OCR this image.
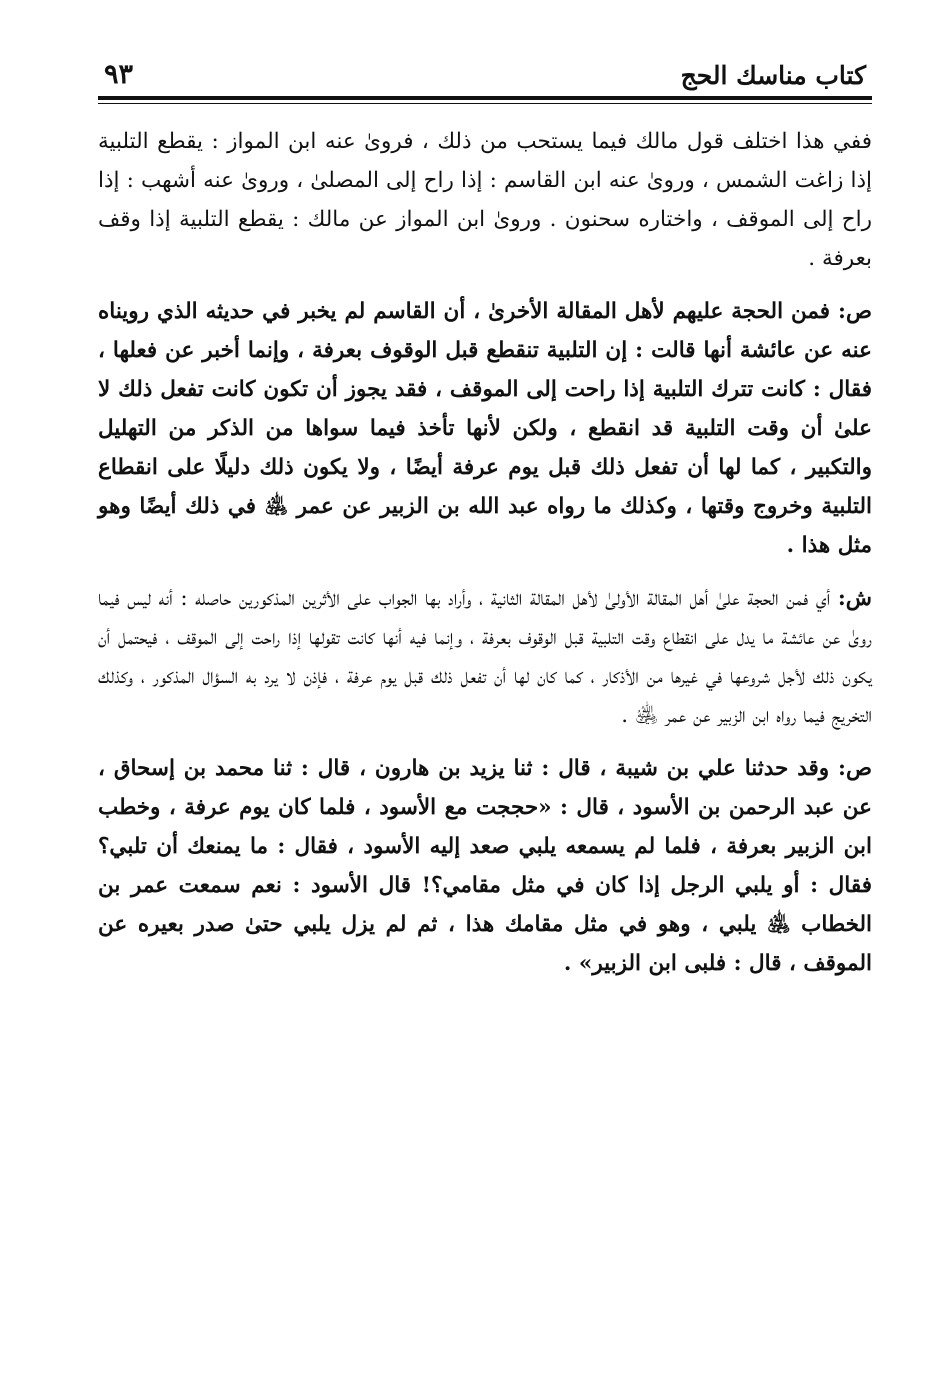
كتاب مناسك الحج
٩٣

ففي هذا اختلف قول مالك فيما يستحب من ذلك ، فروىٰ عنه ابن المواز : يقطع التلبية إذا زاغت الشمس ، وروىٰ عنه ابن القاسم : إذا راح إلى المصلىٰ ، وروىٰ عنه أشهب : إذا راح إلى الموقف ، واختاره سحنون . وروىٰ ابن المواز عن مالك : يقطع التلبية إذا وقف بعرفة .

ص: فمن الحجة عليهم لأهل المقالة الأخرىٰ ، أن القاسم لم يخبر في حديثه الذي رويناه عنه عن عائشة أنها قالت : إن التلبية تنقطع قبل الوقوف بعرفة ، وإنما أخبر عن فعلها ، فقال : كانت تترك التلبية إذا راحت إلى الموقف ، فقد يجوز أن تكون كانت تفعل ذلك لا علىٰ أن وقت التلبية قد انقطع ، ولكن لأنها تأخذ فيما سواها من الذكر من التهليل والتكبير ، كما لها أن تفعل ذلك قبل يوم عرفة أيضًا ، ولا يكون ذلك دليلًا على انقطاع التلبية وخروج وقتها ، وكذلك ما رواه عبد الله بن الزبير عن عمر ﵁ في ذلك أيضًا وهو مثل هذا .

ش: أي فمن الحجة علىٰ أهل المقالة الأولىٰ لأهل المقالة الثانية ، وأراد بها الجواب على الأثرين المذكورين حاصله : أنه ليس فيما روىٰ عن عائشة ما يدل على انقطاع وقت التلبية قبل الوقوف بعرفة ، وإنما فيه أنها كانت تقولها إذا راحت إلى الموقف ، فيحتمل أن يكون ذلك لأجل شروعها في غيرها من الأذكار ، كما كان لها أن تفعل ذلك قبل يوم عرفة ، فإذن لا يرد به السؤال المذكور ، وكذلك التخريج فيما رواه ابن الزبير عن عمر ﵁ .

ص: وقد حدثنا علي بن شيبة ، قال : ثنا يزيد بن هارون ، قال : ثنا محمد بن إسحاق ، عن عبد الرحمن بن الأسود ، قال : «حججت مع الأسود ، فلما كان يوم عرفة ، وخطب ابن الزبير بعرفة ، فلما لم يسمعه يلبي صعد إليه الأسود ، فقال : ما يمنعك أن تلبي؟ فقال : أو يلبي الرجل إذا كان في مثل مقامي؟! قال الأسود : نعم سمعت عمر بن الخطاب ﵁ يلبي ، وهو في مثل مقامك هذا ، ثم لم يزل يلبي حتىٰ صدر بعيره عن الموقف ، قال : فلبى ابن الزبير» .
